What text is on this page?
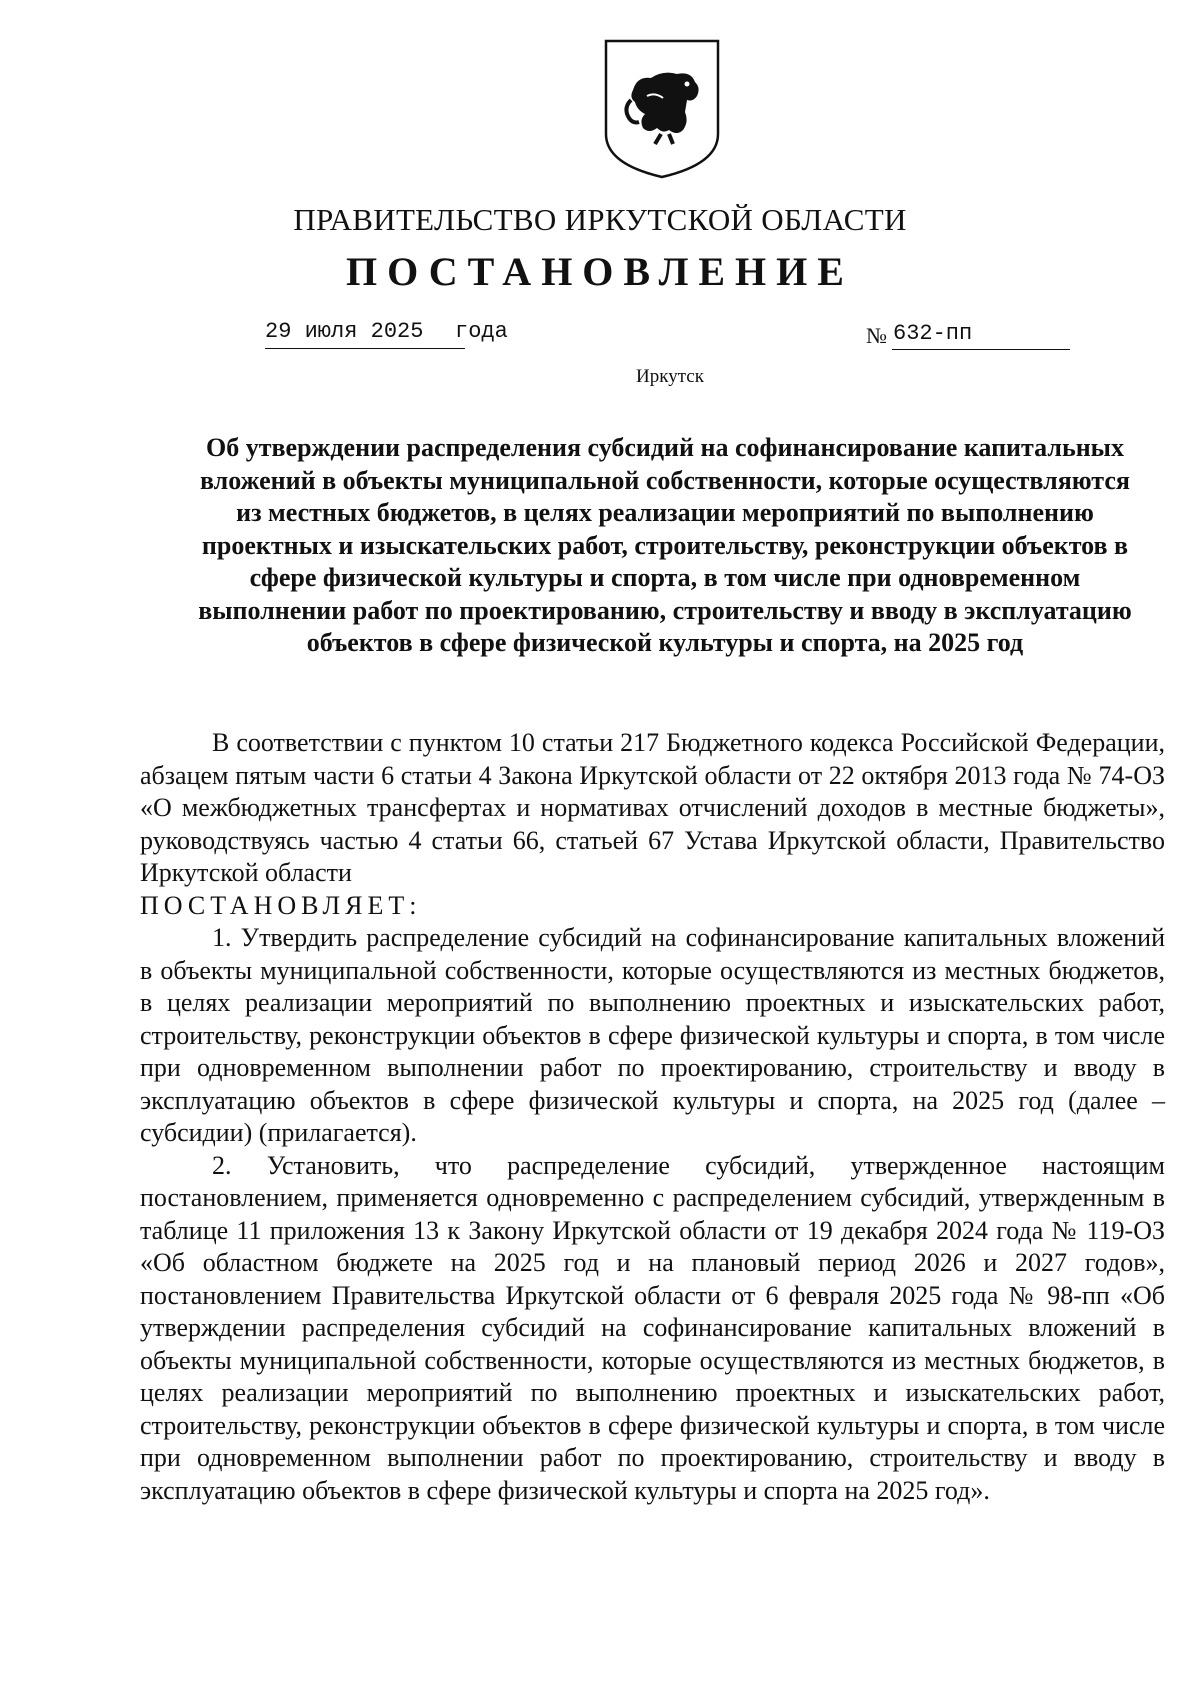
ПРАВИТЕЛЬСТВО ИРКУТСКОЙ ОБЛАСТИ
ПОСТАНОВЛЕНИЕ
29 июля 2025 года	№ 632-пп
Иркутск
Об утверждении распределения субсидий на софинансирование капитальных вложений в объекты муниципальной собственности, которые осуществляются из местных бюджетов, в целях реализации мероприятий по выполнению проектных и изыскательских работ, строительству, реконструкции объектов в сфере физической культуры и спорта, в том числе при одновременном выполнении работ по проектированию, строительству и вводу в эксплуатацию объектов в сфере физической культуры и спорта, на 2025 год

В соответствии с пунктом 10 статьи 217 Бюджетного кодекса Российской Федерации, абзацем пятым части 6 статьи 4 Закона Иркутской области от 22 октября 2013 года № 74-ОЗ «О межбюджетных трансфертах и нормативах отчислений доходов в местные бюджеты», руководствуясь частью 4 статьи 66, статьей 67 Устава Иркутской области, Правительство Иркутской области

ПОСТАНОВЛЯЕТ:

1. Утвердить распределение субсидий на софинансирование капитальных вложений в объекты муниципальной собственности, которые осуществляются из местных бюджетов, в целях реализации мероприятий по выполнению проектных и изыскательских работ, строительству, реконструкции объектов в сфере физической культуры и спорта, в том числе при одновременном выполнении работ по проектированию, строительству и вводу в эксплуатацию объектов в сфере физической культуры и спорта, на 2025 год (далее – субсидии) (прилагается).

2. Установить, что распределение субсидий, утвержденное настоящим постановлением, применяется одновременно с распределением субсидий, утвержденным в таблице 11 приложения 13 к Закону Иркутской области от 19 декабря 2024 года № 119-ОЗ «Об областном бюджете на 2025 год и на плановый период 2026 и 2027 годов», постановлением Правительства Иркутской области от 6 февраля 2025 года № 98-пп «Об утверждении распределения субсидий на софинансирование капитальных вложений в объекты муниципальной собственности, которые осуществляются из местных бюджетов, в целях реализации мероприятий по выполнению проектных и изыскательских работ, строительству, реконструкции объектов в сфере физической культуры и спорта, в том числе при одновременном выполнении работ по проектированию, строительству и вводу в эксплуатацию объектов в сфере физической культуры и спорта на 2025 год».
